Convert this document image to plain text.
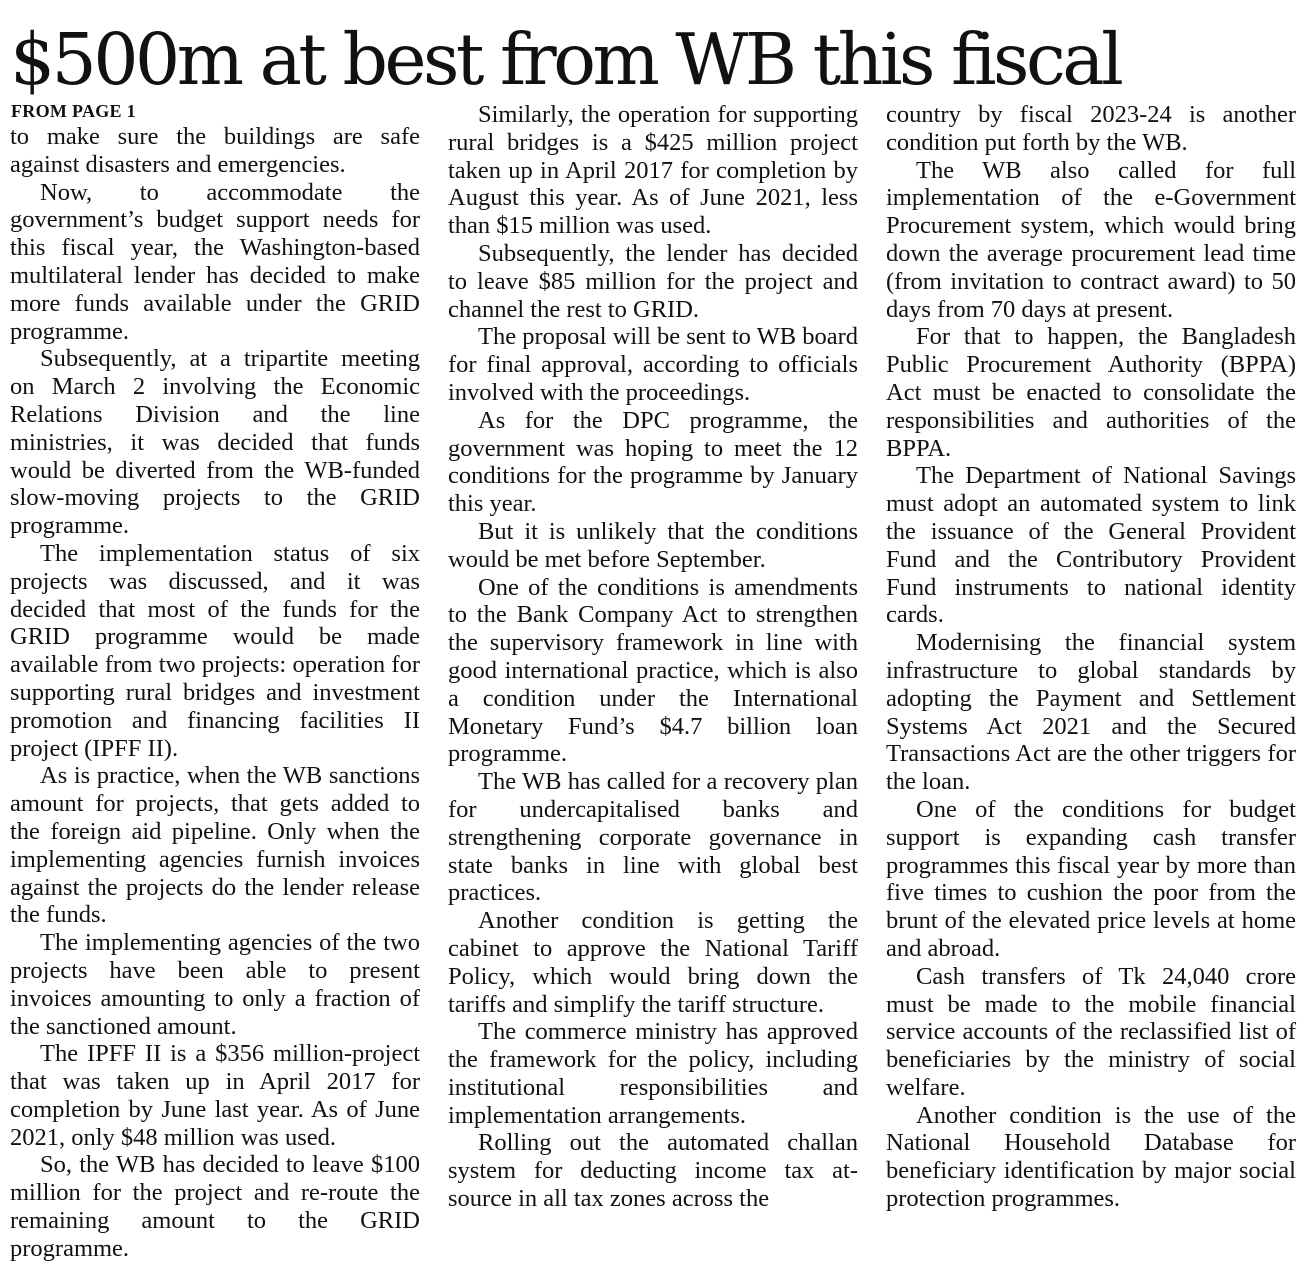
$500m at best from WB this fiscal
FROM PAGE 1

to make sure the buildings are safe against disasters and emergencies.

Now, to accommodate the government’s budget support needs for this fiscal year, the Washington-based multilateral lender has decided to make more funds available under the GRID programme.

Subsequently, at a tripartite meeting on March 2 involving the Economic Relations Division and the line ministries, it was decided that funds would be diverted from the WB-funded slow-moving projects to the GRID programme.

The implementation status of six projects was discussed, and it was decided that most of the funds for the GRID programme would be made available from two projects: operation for supporting rural bridges and investment promotion and financing facilities II project (IPFF II).

As is practice, when the WB sanctions amount for projects, that gets added to the foreign aid pipeline. Only when the implementing agencies furnish invoices against the projects do the lender release the funds.

The implementing agencies of the two projects have been able to present invoices amounting to only a fraction of the sanctioned amount.

The IPFF II is a $356 million-project that was taken up in April 2017 for completion by June last year. As of June 2021, only $48 million was used.

So, the WB has decided to leave $100 million for the project and re-route the remaining amount to the GRID programme.

Similarly, the operation for supporting rural bridges is a $425 million project taken up in April 2017 for completion by August this year. As of June 2021, less than $15 million was used.

Subsequently, the lender has decided to leave $85 million for the project and channel the rest to GRID.

The proposal will be sent to WB board for final approval, according to officials involved with the proceedings.

As for the DPC programme, the government was hoping to meet the 12 conditions for the programme by January this year.

But it is unlikely that the conditions would be met before September.

One of the conditions is amendments to the Bank Company Act to strengthen the supervisory framework in line with good international practice, which is also a condition under the International Monetary Fund’s $4.7 billion loan programme.

The WB has called for a recovery plan for undercapitalised banks and strengthening corporate governance in state banks in line with global best practices.

Another condition is getting the cabinet to approve the National Tariff Policy, which would bring down the tariffs and simplify the tariff structure.

The commerce ministry has approved the framework for the policy, including institutional responsibilities and implementation arrangements.

Rolling out the automated challan system for deducting income tax at-source in all tax zones across the

country by fiscal 2023-24 is another condition put forth by the WB.

The WB also called for full implementation of the e-Government Procurement system, which would bring down the average procurement lead time (from invitation to contract award) to 50 days from 70 days at present.

For that to happen, the Bangladesh Public Procurement Authority (BPPA) Act must be enacted to consolidate the responsibilities and authorities of the BPPA.

The Department of National Savings must adopt an automated system to link the issuance of the General Provident Fund and the Contributory Provident Fund instruments to national identity cards.

Modernising the financial system infrastructure to global standards by adopting the Payment and Settlement Systems Act 2021 and the Secured Transactions Act are the other triggers for the loan.

One of the conditions for budget support is expanding cash transfer programmes this fiscal year by more than five times to cushion the poor from the brunt of the elevated price levels at home and abroad.

Cash transfers of Tk 24,040 crore must be made to the mobile financial service accounts of the reclassified list of beneficiaries by the ministry of social welfare.

Another condition is the use of the National Household Database for beneficiary identification by major social protection programmes.
